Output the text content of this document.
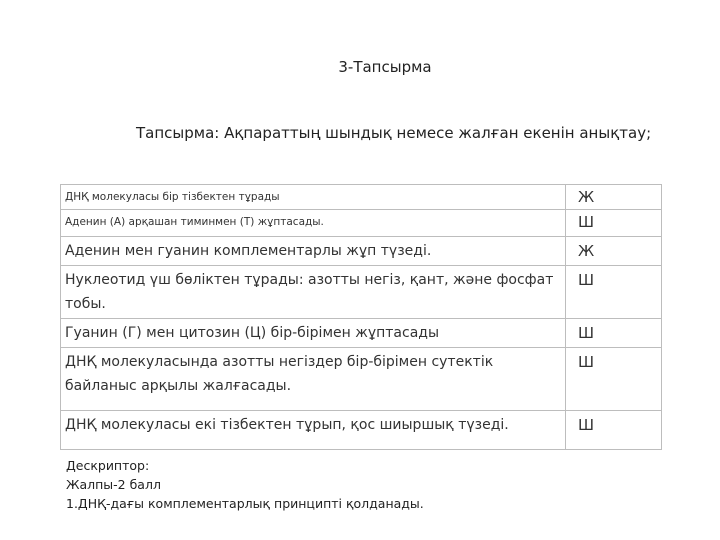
3-Тапсырма
Тапсырма: Ақпараттың шындық немесе жалған екенін анықтау;
ДНҚ молекуласы бір тізбектен тұрады	Ж
Аденин (А) арқашан тиминмен (Т) жұптасады.	Ш
Аденин мен гуанин комплементарлы жұп түзеді.	Ж
Нуклеотид үш бөліктен тұрады: азотты негіз, қант, және фосфат тобы.	Ш
Гуанин (Г) мен цитозин (Ц) бір-бірімен жұптасады	Ш
ДНҚ молекуласында азотты негіздер бір-бірімен сутектік байланыс арқылы жалғасады.	Ш
ДНҚ молекуласы екі тізбектен тұрып, қос шиыршық түзеді.	Ш
Дескриптор:
Жалпы-2 балл
1.ДНҚ-дағы комплементарлық принципті қолданады.
